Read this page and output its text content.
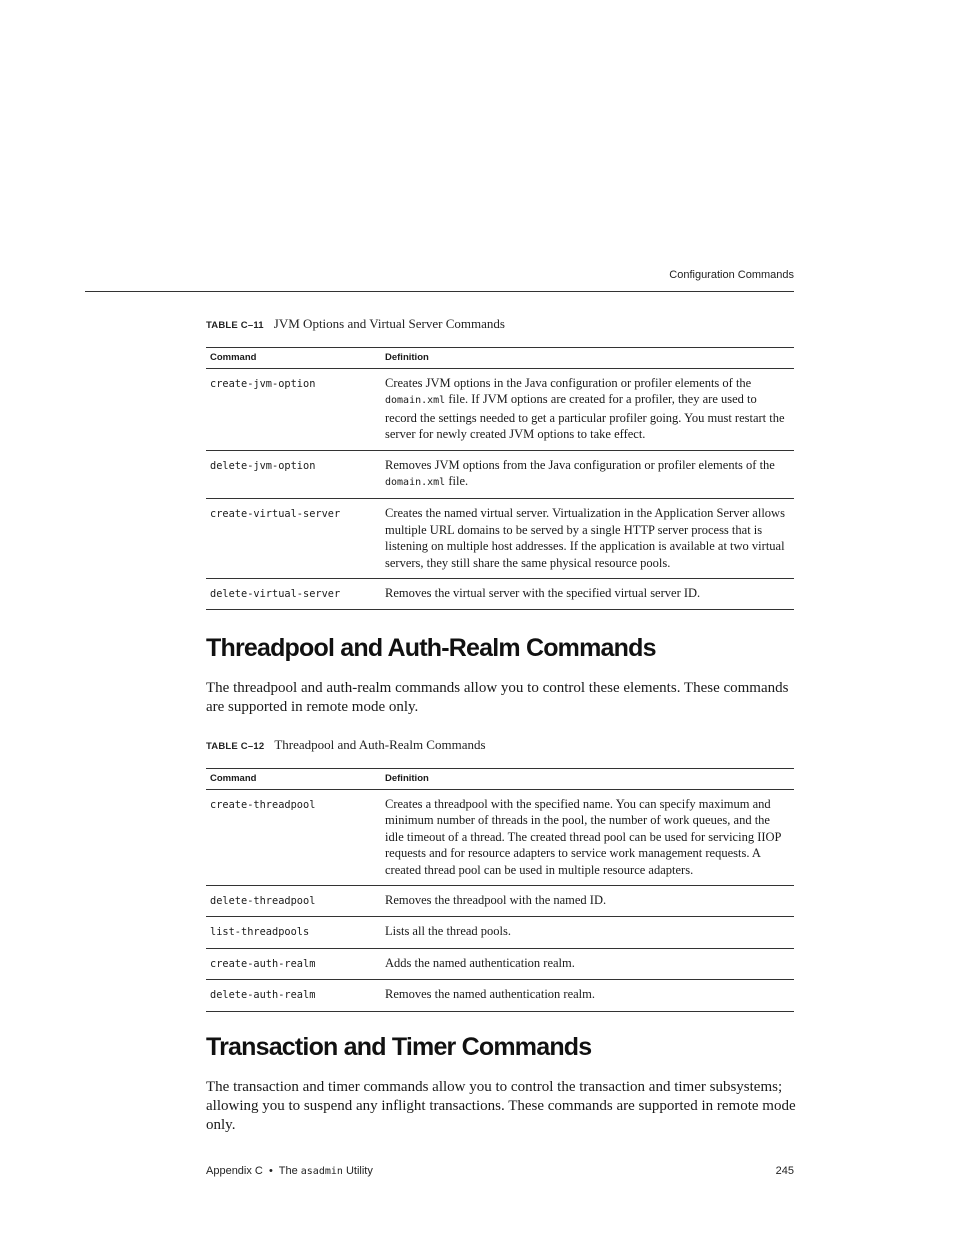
Configuration Commands
TABLE C–11 JVM Options and Virtual Server Commands
Command	Definition
create-jvm-option	Creates JVM options in the Java configuration or profiler elements of the domain.xml file. If JVM options are created for a profiler, they are used to record the settings needed to get a particular profiler going. You must restart the server for newly created JVM options to take effect.
delete-jvm-option	Removes JVM options from the Java configuration or profiler elements of the domain.xml file.
create-virtual-server	Creates the named virtual server. Virtualization in the Application Server allows multiple URL domains to be served by a single HTTP server process that is listening on multiple host addresses. If the application is available at two virtual servers, they still share the same physical resource pools.
delete-virtual-server	Removes the virtual server with the specified virtual server ID.
Threadpool and Auth-Realm Commands

The threadpool and auth-realm commands allow you to control these elements. These commands are supported in remote mode only.

TABLE C–12 Threadpool and Auth-Realm Commands
Command	Definition
create-threadpool	Creates a threadpool with the specified name. You can specify maximum and minimum number of threads in the pool, the number of work queues, and the idle timeout of a thread. The created thread pool can be used for servicing IIOP requests and for resource adapters to service work management requests. A created thread pool can be used in multiple resource adapters.
delete-threadpool	Removes the threadpool with the named ID.
list-threadpools	Lists all the thread pools.
create-auth-realm	Adds the named authentication realm.
delete-auth-realm	Removes the named authentication realm.
Transaction and Timer Commands

The transaction and timer commands allow you to control the transaction and timer subsystems; allowing you to suspend any inflight transactions. These commands are supported in remote mode only.

Appendix C  •  The asadmin Utility	245
